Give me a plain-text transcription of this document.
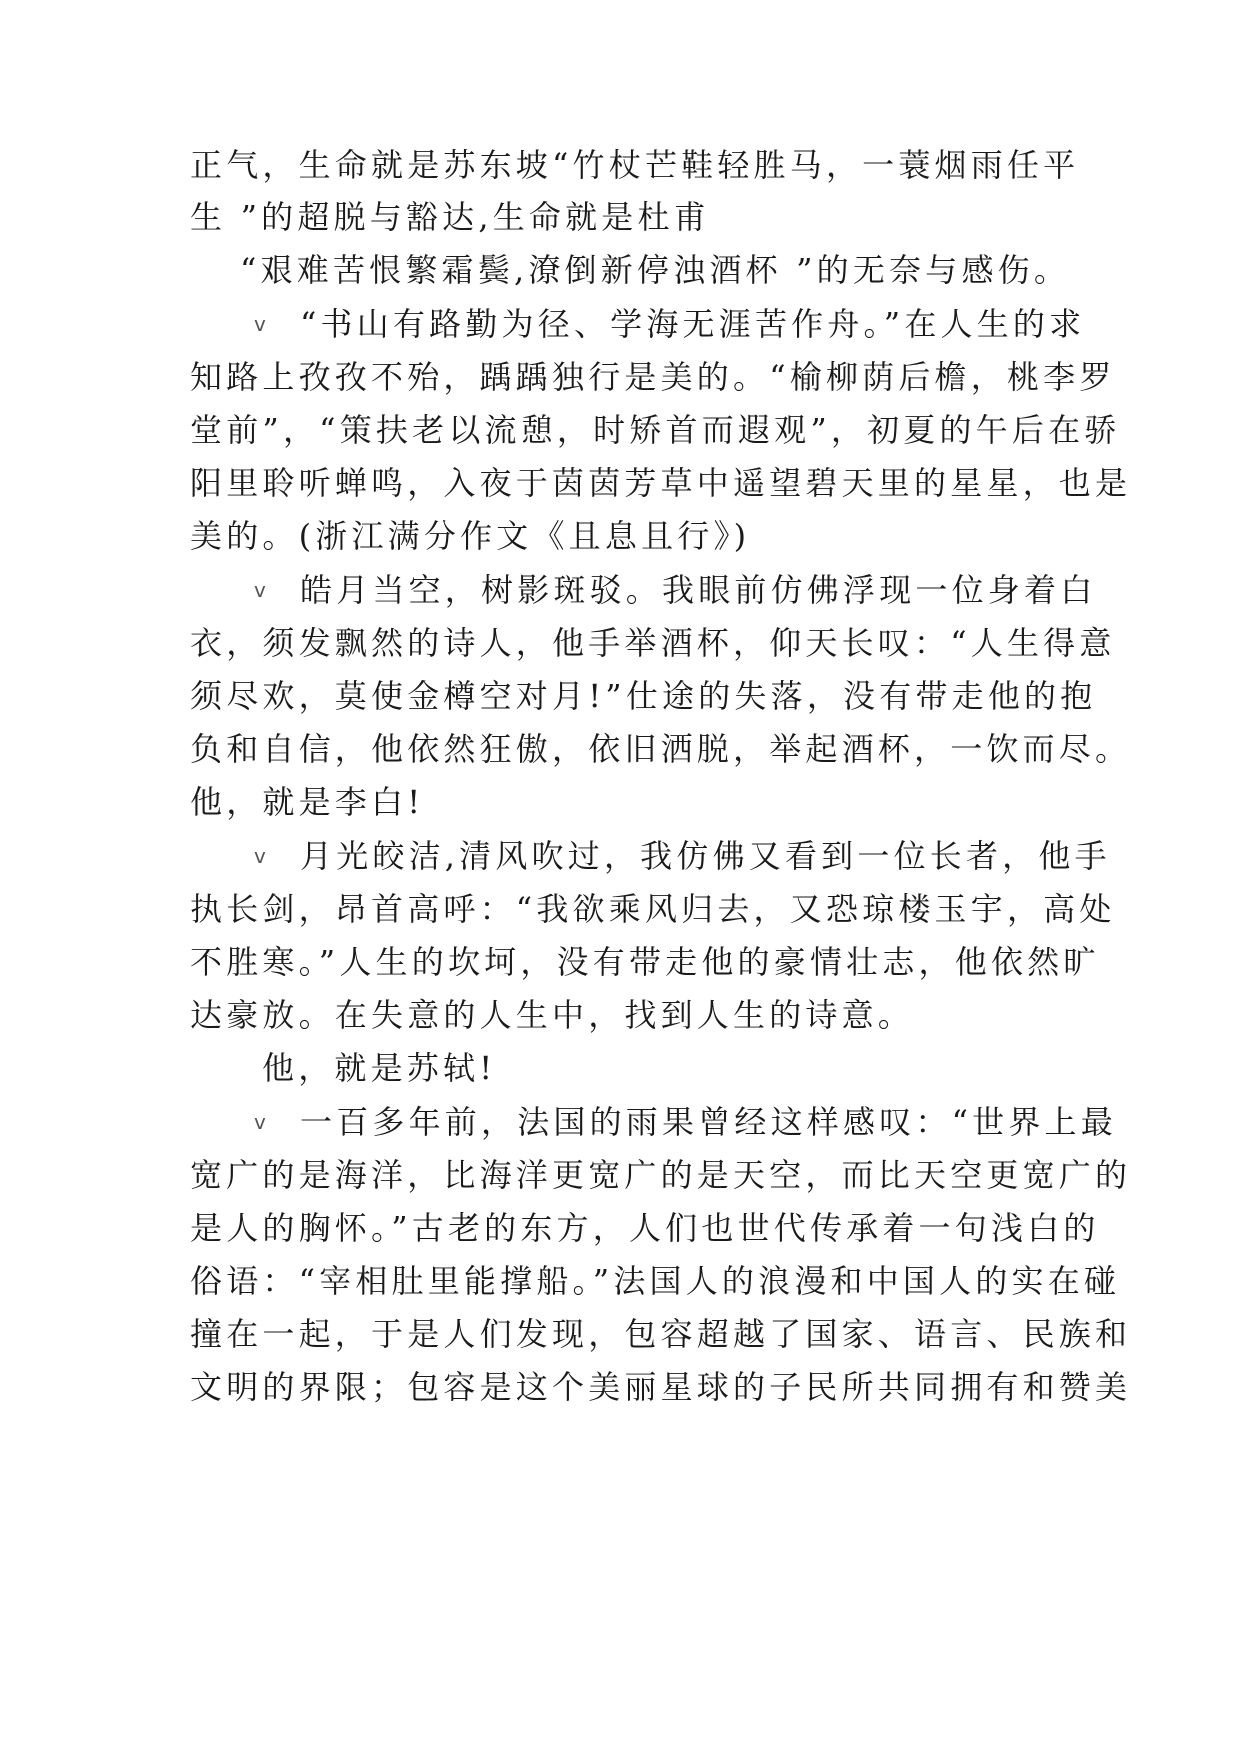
正气，生命就是苏东坡“竹杖芒鞋轻胜马，一蓑烟雨任平
生 ”的超脱与豁达,生命就是杜甫
“艰难苦恨繁霜鬓,潦倒新停浊酒杯 ”的无奈与感伤。
v “书山有路勤为径、学海无涯苦作舟。”在人生的求
知路上孜孜不殆，踽踽独行是美的。“榆柳荫后檐，桃李罗
堂前”，“策扶老以流憩，时矫首而遐观”，初夏的午后在骄
阳里聆听蝉鸣，入夜于茵茵芳草中遥望碧天里的星星，也是
美的。(浙江满分作文《且息且行》)
v 皓月当空，树影斑驳。我眼前仿佛浮现一位身着白
衣，须发飘然的诗人，他手举酒杯，仰天长叹：“人生得意
须尽欢，莫使金樽空对月!”仕途的失落，没有带走他的抱
负和自信，他依然狂傲，依旧洒脱，举起酒杯，一饮而尽。
他，就是李白!
v 月光皎洁,清风吹过，我仿佛又看到一位长者，他手
执长剑，昂首高呼：“我欲乘风归去，又恐琼楼玉宇，高处
不胜寒。”人生的坎坷，没有带走他的豪情壮志，他依然旷
达豪放。在失意的人生中，找到人生的诗意。
他，就是苏轼!
v 一百多年前，法国的雨果曾经这样感叹：“世界上最
宽广的是海洋，比海洋更宽广的是天空，而比天空更宽广的
是人的胸怀。”古老的东方，人们也世代传承着一句浅白的
俗语：“宰相肚里能撑船。”法国人的浪漫和中国人的实在碰
撞在一起，于是人们发现，包容超越了国家、语言、民族和
文明的界限；包容是这个美丽星球的子民所共同拥有和赞美
